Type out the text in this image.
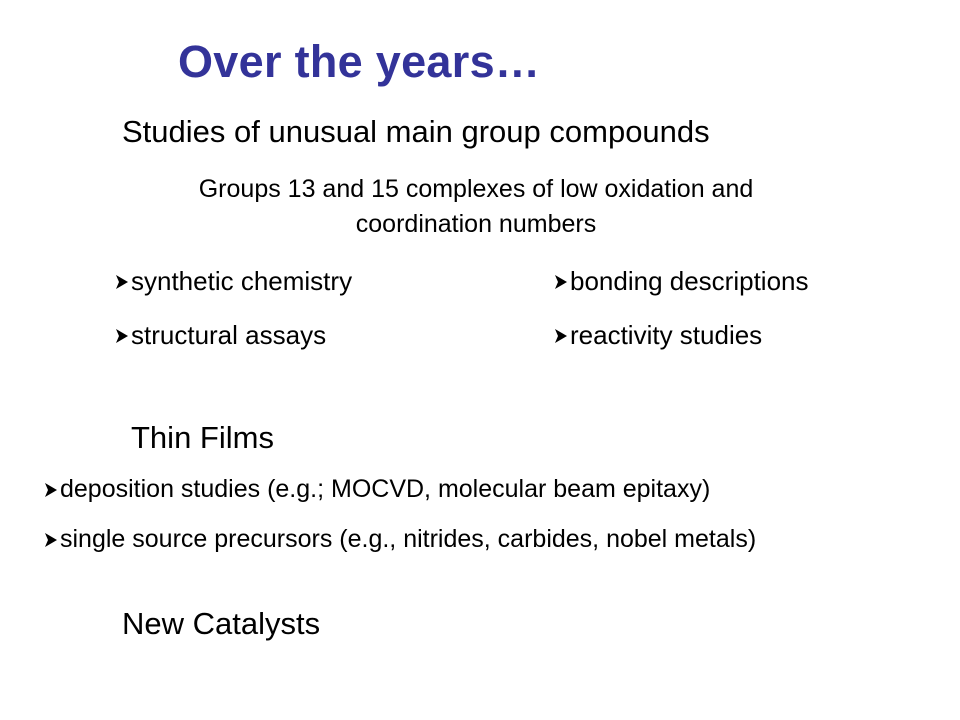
Over the years…
Studies of unusual main group compounds
Groups 13 and 15 complexes of low oxidation and
coordination numbers
synthetic chemistry
structural assays
bonding descriptions
reactivity studies
Thin Films
deposition studies (e.g.; MOCVD, molecular beam epitaxy)
single source precursors (e.g., nitrides, carbides, nobel metals)
New Catalysts
